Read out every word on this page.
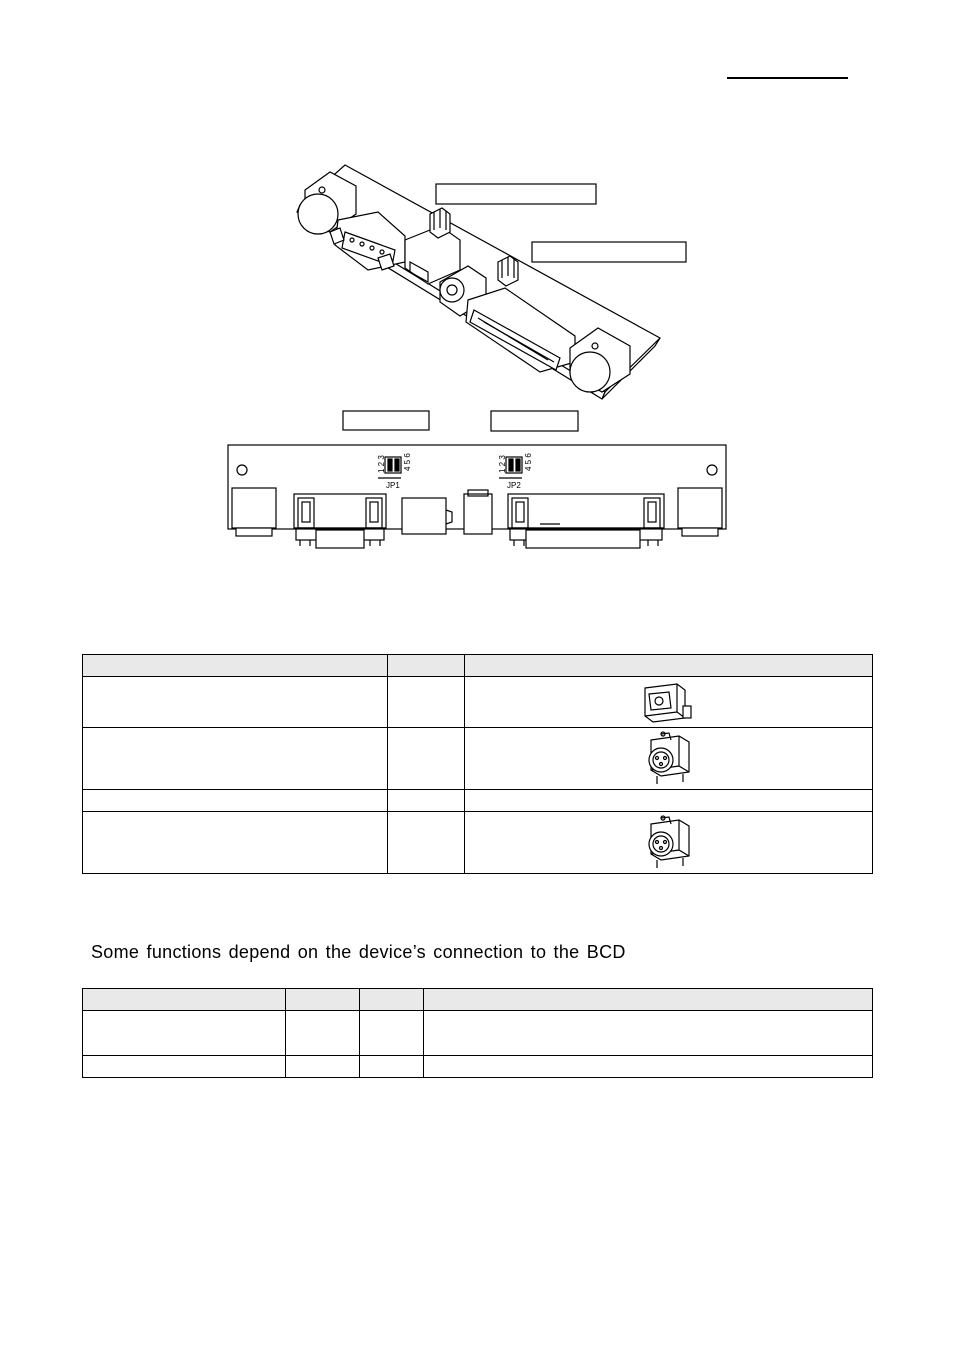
1 2 3 4 5 6
JP1
1 2 3 4 5 6
JP2

Some functions depend on the device’s connection to the BCD
